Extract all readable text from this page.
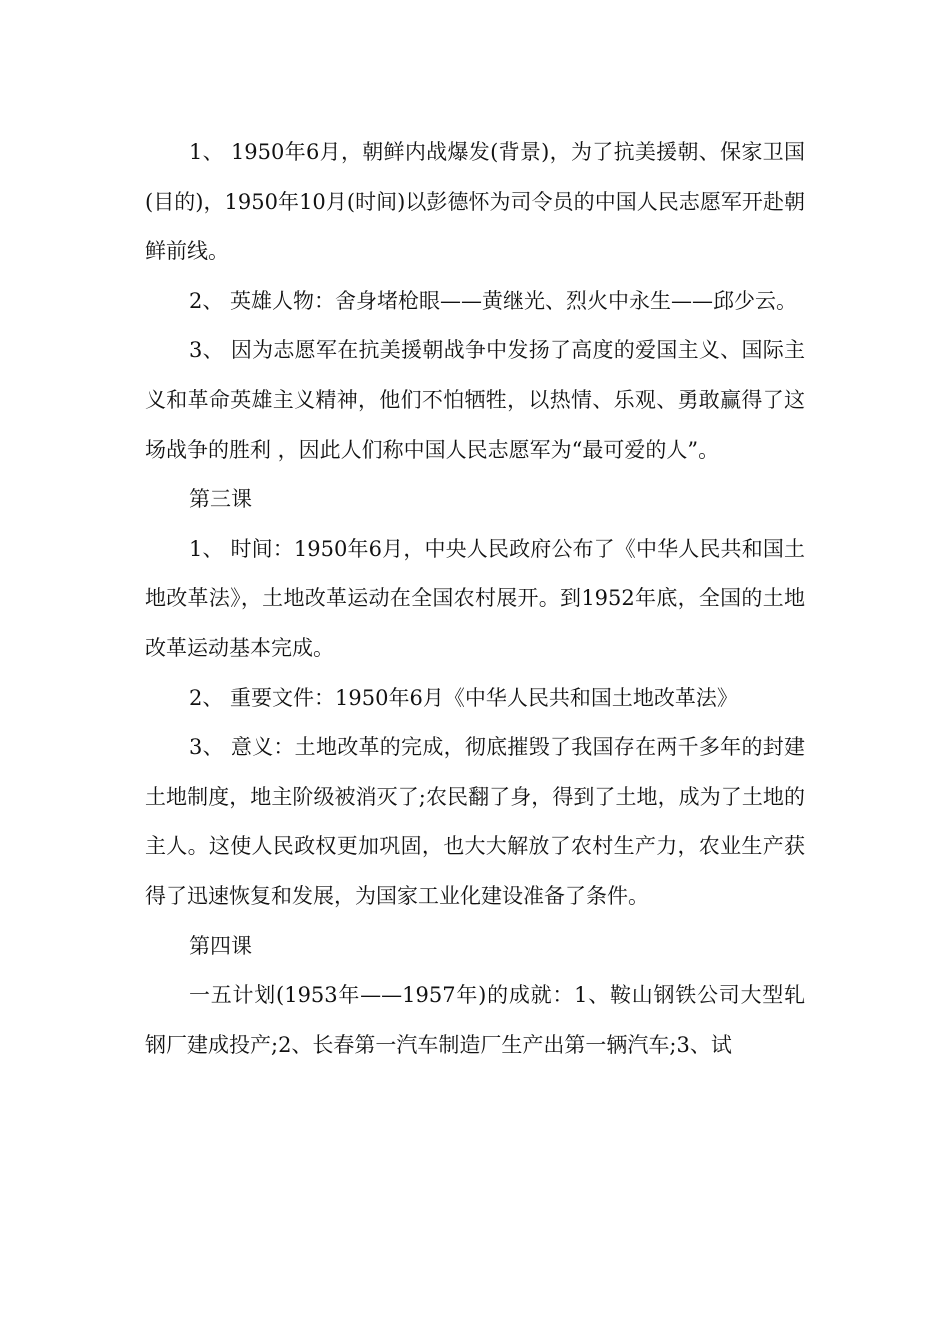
1、 1950年6月，朝鲜内战爆发(背景)，为了抗美援朝、保家卫国(目的)，1950年10月(时间)以彭德怀为司令员的中国人民志愿军开赴朝鲜前线。

2、 英雄人物：舍身堵枪眼——黄继光、烈火中永生——邱少云。

3、 因为志愿军在抗美援朝战争中发扬了高度的爱国主义、国际主义和革命英雄主义精神，他们不怕牺牲，以热情、乐观、勇敢赢得了这场战争的胜利 ，因此人们称中国人民志愿军为“最可爱的人”。

第三课

1、 时间：1950年6月，中央人民政府公布了《中华人民共和国土地改革法》，土地改革运动在全国农村展开。到1952年底，全国的土地改革运动基本完成。

2、 重要文件：1950年6月《中华人民共和国土地改革法》

3、 意义：土地改革的完成，彻底摧毁了我国存在两千多年的封建土地制度，地主阶级被消灭了;农民翻了身，得到了土地，成为了土地的主人。这使人民政权更加巩固，也大大解放了农村生产力，农业生产获得了迅速恢复和发展，为国家工业化建设准备了条件。

第四课

一五计划(1953年——1957年)的成就：1、鞍山钢铁公司大型轧钢厂建成投产;2、长春第一汽车制造厂生产出第一辆汽车;3、试
